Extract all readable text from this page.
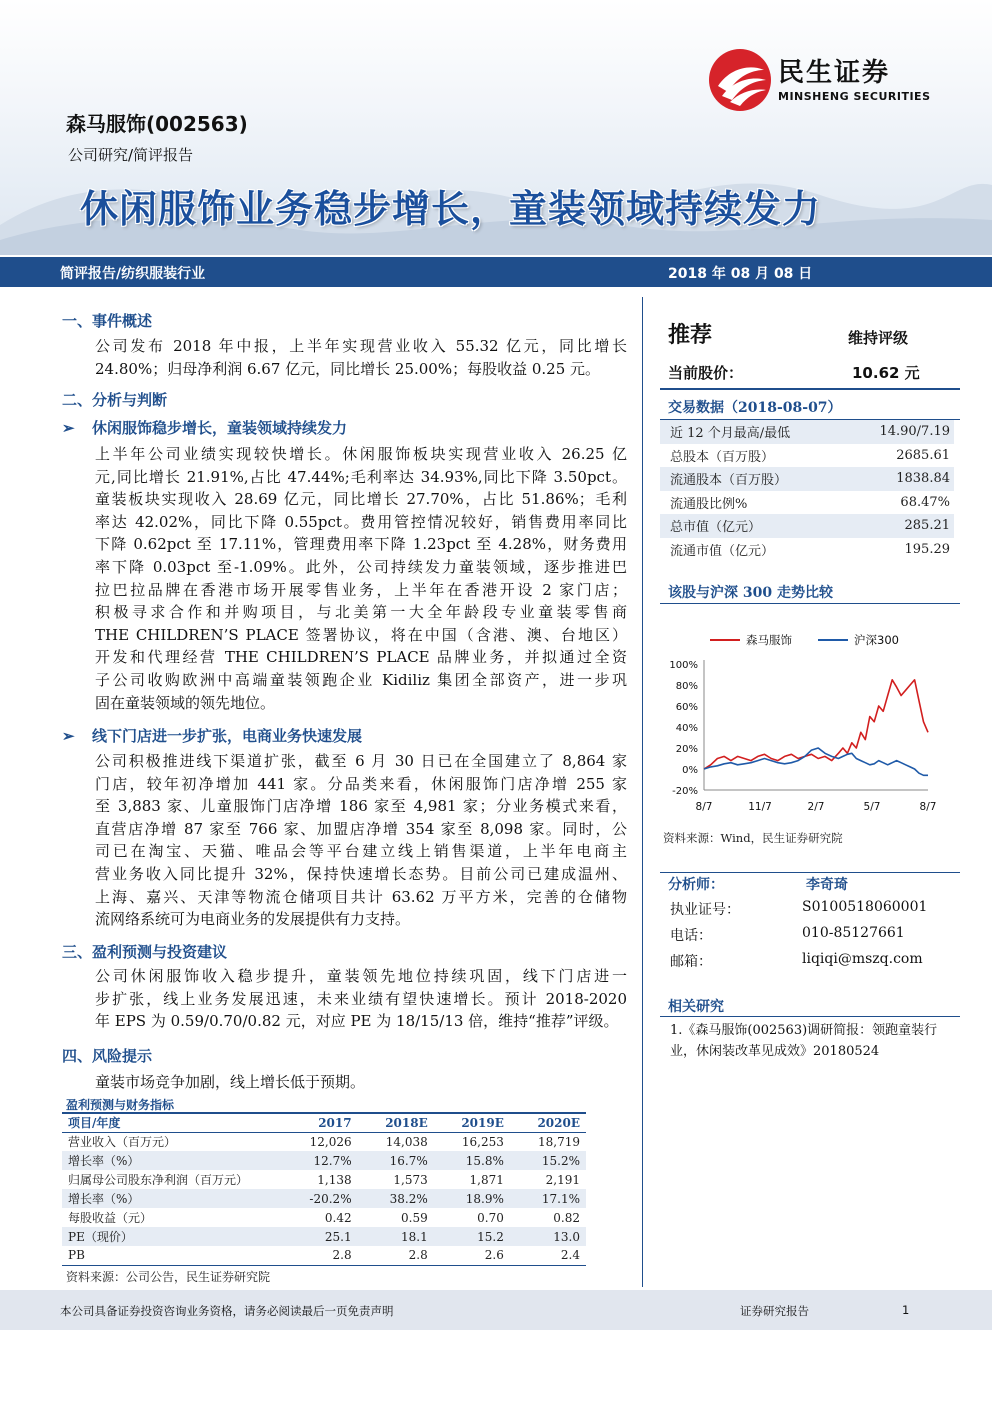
森马服饰(002563)
公司研究/简评报告
休闲服饰业务稳步增长，童装领域持续发力
民生证券
MINSHENG SECURITIES
简评报告/纺织服装行业	2018 年 08 月 08 日
一、事件概述
公司发布 2018 年中报，上半年实现营业收入 55.32 亿元，同比增长
24.80%；归母净利润 6.67 亿元，同比增长 25.00%；每股收益 0.25 元。
二、分析与判断
➢ 休闲服饰稳步增长，童装领域持续发力
上半年公司业绩实现较快增长。休闲服饰板块实现营业收入 26.25 亿
元,同比增长 21.91%,占比 47.44%;毛利率达 34.93%,同比下降 3.50pct。
童装板块实现收入 28.69 亿元，同比增长 27.70%，占比 51.86%；毛利
率达 42.02%，同比下降 0.55pct。费用管控情况较好，销售费用率同比
下降 0.62pct 至 17.11%，管理费用率下降 1.23pct 至 4.28%，财务费用
率下降 0.03pct 至-1.09%。此外，公司持续发力童装领域，逐步推进巴
拉巴拉品牌在香港市场开展零售业务，上半年在香港开设 2 家门店；
积极寻求合作和并购项目，与北美第一大全年龄段专业童装零售商
THE CHILDREN’S PLACE 签署协议，将在中国（含港、澳、台地区）
开发和代理经营 THE CHILDREN’S PLACE 品牌业务，并拟通过全资
子公司收购欧洲中高端童装领跑企业 Kidiliz 集团全部资产，进一步巩
固在童装领域的领先地位。
➢ 线下门店进一步扩张，电商业务快速发展
公司积极推进线下渠道扩张，截至 6 月 30 日已在全国建立了 8,864 家
门店，较年初净增加 441 家。分品类来看，休闲服饰门店净增 255 家
至 3,883 家、儿童服饰门店净增 186 家至 4,981 家；分业务模式来看，
直营店净增 87 家至 766 家、加盟店净增 354 家至 8,098 家。同时，公
司已在淘宝、天猫、唯品会等平台建立线上销售渠道，上半年电商主
营业务收入同比提升 32%，保持快速增长态势。目前公司已建成温州、
上海、嘉兴、天津等物流仓储项目共计 63.62 万平方米，完善的仓储物
流网络系统可为电商业务的发展提供有力支持。
三、盈利预测与投资建议
公司休闲服饰收入稳步提升，童装领先地位持续巩固，线下门店进一
步扩张，线上业务发展迅速，未来业绩有望快速增长。预计 2018-2020
年 EPS 为 0.59/0.70/0.82 元，对应 PE 为 18/15/13 倍，维持“推荐”评级。
四、风险提示
童装市场竞争加剧，线上增长低于预期。
盈利预测与财务指标
项目/年度	2017	2018E	2019E	2020E
营业收入（百万元）	12,026	14,038	16,253	18,719
增长率（%）	12.7%	16.7%	15.8%	15.2%
归属母公司股东净利润（百万元）	1,138	1,573	1,871	2,191
增长率（%）	-20.2%	38.2%	18.9%	17.1%
每股收益（元）	0.42	0.59	0.70	0.82
PE（现价）	25.1	18.1	15.2	13.0
PB	2.8	2.8	2.6	2.4
资料来源：公司公告，民生证券研究院
推荐	维持评级
当前股价：	10.62 元
交易数据（2018-08-07）
近 12 个月最高/最低	14.90/7.19
总股本（百万股）	2685.61
流通股本（百万股）	1838.84
流通股比例%	68.47%
总市值（亿元）	285.21
流通市值（亿元）	195.29
该股与沪深 300 走势比较
森马服饰	沪深300
100%
80%
60%
40%
20%
0%
-20%
8/7	11/7	2/7	5/7	8/7
资料来源：Wind，民生证券研究院
分析师：	李奇琦
执业证号：	S0100518060001
电话：	010-85127661
邮箱：	liqiqi@mszq.com
相关研究
1.《森马服饰(002563)调研简报：领跑童装行业，休闲装改革见成效》20180524
本公司具备证券投资咨询业务资格，请务必阅读最后一页免责声明	证券研究报告	1
